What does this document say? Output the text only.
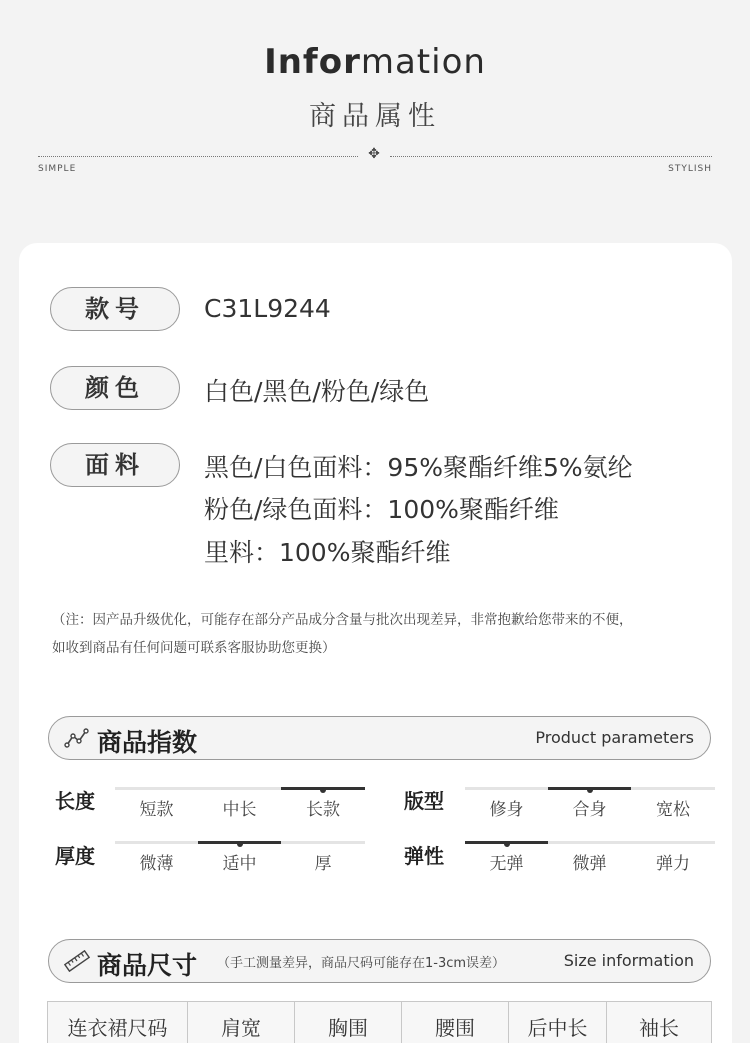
Information
商品属性
✥
SIMPLE	STYLISH
款号	C31L9244
颜色	白色/黑色/粉色/绿色
面料	黑色/白色面料：95%聚酯纤维5%氨纶
粉色/绿色面料：100%聚酯纤维
里料：100%聚酯纤维
（注：因产品升级优化，可能存在部分产品成分含量与批次出现差异，非常抱歉给您带来的不便，
如收到商品有任何问题可联系客服协助您更换）
商品指数	Product parameters
长度	短款	中长	长款	版型	修身	合身	宽松
厚度	微薄	适中	厚	弹性	无弹	微弹	弹力
商品尺寸 （手工测量差异，商品尺码可能存在1-3cm误差）	Size information
连衣裙尺码	肩宽	胸围	腰围	后中长	袖长
